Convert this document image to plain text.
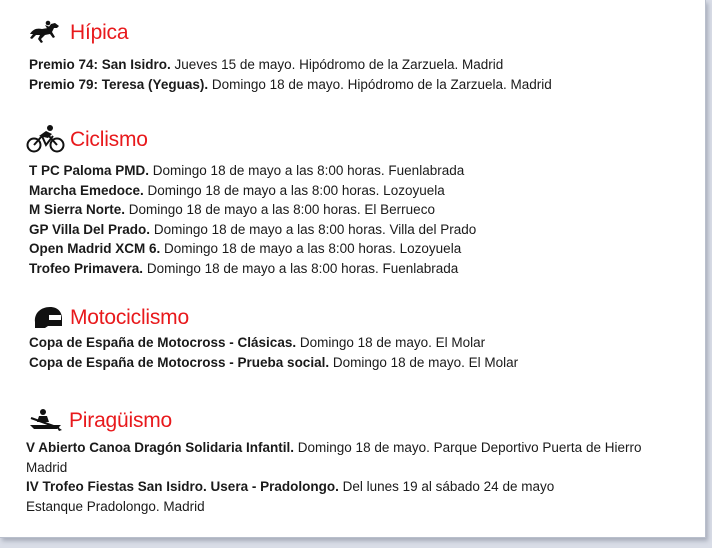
Hípica
Premio 74: San Isidro. Jueves 15 de mayo. Hipódromo de la Zarzuela. Madrid
Premio 79: Teresa (Yeguas). Domingo 18 de mayo. Hipódromo de la Zarzuela. Madrid
Ciclismo
T PC Paloma PMD. Domingo 18 de mayo a las 8:00 horas. Fuenlabrada
Marcha Emedoce. Domingo 18 de mayo a las 8:00 horas. Lozoyuela
M Sierra Norte. Domingo 18 de mayo a las 8:00 horas. El Berrueco
GP Villa Del Prado. Domingo 18 de mayo a las 8:00 horas. Villa del Prado
Open Madrid XCM 6. Domingo 18 de mayo a las 8:00 horas. Lozoyuela
Trofeo Primavera. Domingo 18 de mayo a las 8:00 horas. Fuenlabrada
Motociclismo
Copa de España de Motocross - Clásicas. Domingo 18 de mayo. El Molar
Copa de España de Motocross - Prueba social. Domingo 18 de mayo. El Molar
Piragüismo
V Abierto Canoa Dragón Solidaria Infantil. Domingo 18 de mayo. Parque Deportivo Puerta de Hierro Madrid
IV Trofeo Fiestas San Isidro. Usera - Pradolongo. Del lunes 19 al sábado 24 de mayo Estanque Pradolongo. Madrid
